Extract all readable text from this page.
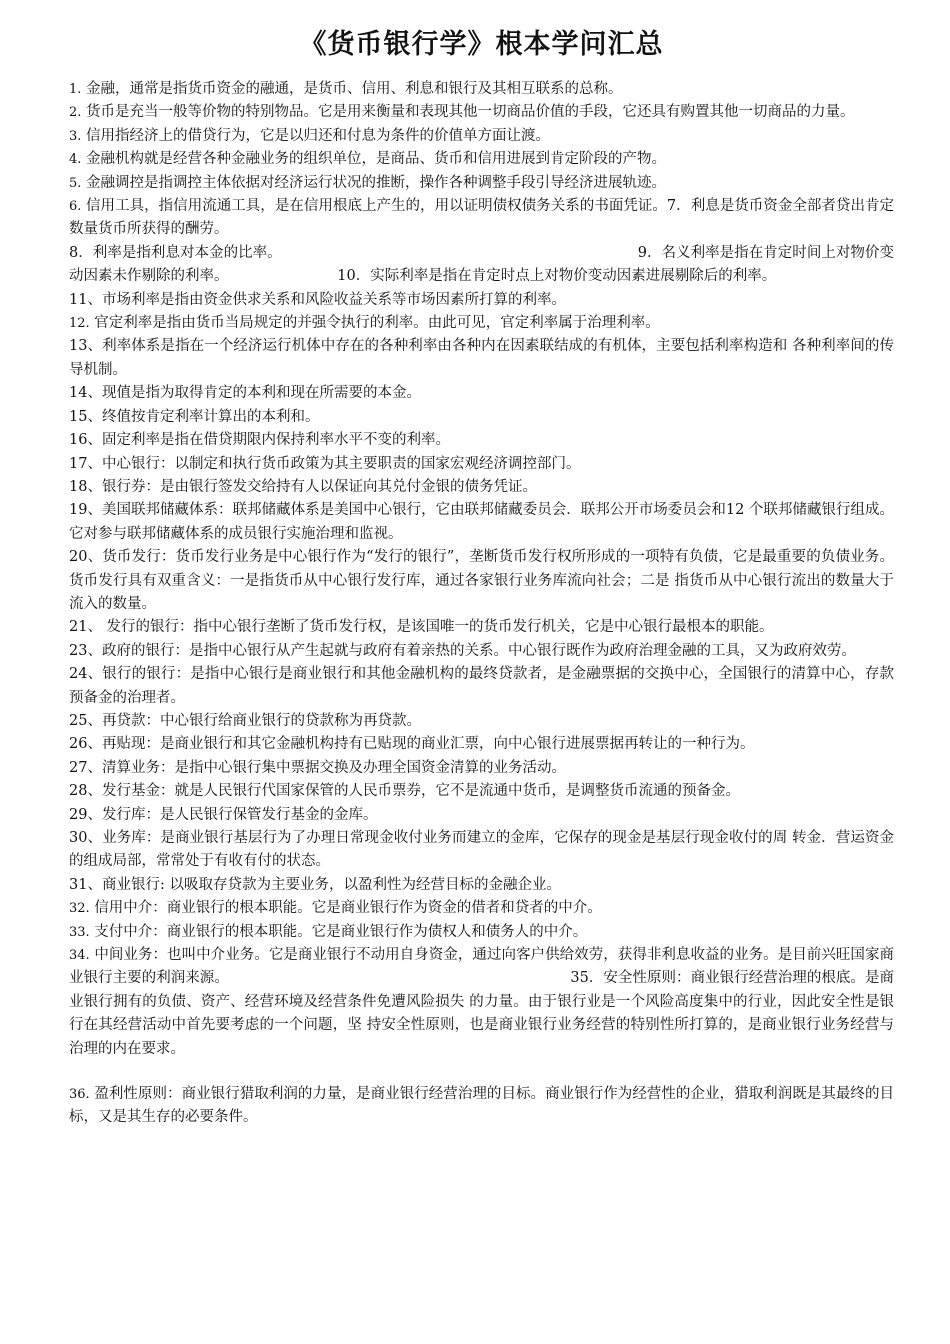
《货币银行学》根本学问汇总

1. 金融，通常是指货币资金的融通，是货币、信用、利息和银行及其相互联系的总称。

2. 货币是充当一般等价物的特别物品。它是用来衡量和表现其他一切商品价值的手段，它还具有购置其他一切商品的力量。

3. 信用指经济上的借贷行为，它是以归还和付息为条件的价值单方面让渡。

4. 金融机构就是经营各种金融业务的组织单位，是商品、货币和信用进展到肯定阶段的产物。

5. 金融调控是指调控主体依据对经济运行状况的推断，操作各种调整手段引导经济进展轨迹。

6. 信用工具，指信用流通工具，是在信用根底上产生的，用以证明债权债务关系的书面凭证。7．利息是货币资金全部者贷出肯定数量货币所获得的酬劳。

8．利率是指利息对本金的比率。　　　　　　　　　　　　　　　　　　　　　　　　　9．名义利率是指在肯定时间上对物价变动因素未作剔除的利率。　　　　　　　　10．实际利率是指在肯定时点上对物价变动因素进展剔除后的利率。

11、市场利率是指由资金供求关系和风险收益关系等市场因素所打算的利率。

12. 官定利率是指由货币当局规定的并强令执行的利率。由此可见，官定利率属于治理利率。

13、利率体系是指在一个经济运行机体中存在的各种利率由各种内在因素联结成的有机体，主要包括利率构造和 各种利率间的传导机制。

14、现值是指为取得肯定的本利和现在所需要的本金。

15、终值按肯定利率计算出的本利和。

16、固定利率是指在借贷期限内保持利率水平不变的利率。

17、中心银行：以制定和执行货币政策为其主要职责的国家宏观经济调控部门。

18、银行券：是由银行签发交给持有人以保证向其兑付金银的债务凭证。

19、美国联邦储藏体系：联邦储藏体系是美国中心银行，它由联邦储藏委员会．联邦公开市场委员会和12 个联邦储藏银行组成。它对参与联邦储藏体系的成员银行实施治理和监视。

20、货币发行：货币发行业务是中心银行作为“发行的银行”，垄断货币发行权所形成的一项特有负债，它是最重要的负债业务。货币发行具有双重含义：一是指货币从中心银行发行库，通过各家银行业务库流向社会；二是 指货币从中心银行流出的数量大于流入的数量。

21、 发行的银行：指中心银行垄断了货币发行权，是该国唯一的货币发行机关，它是中心银行最根本的职能。

23、政府的银行：是指中心银行从产生起就与政府有着亲热的关系。中心银行既作为政府治理金融的工具，又为政府效劳。

24、银行的银行：是指中心银行是商业银行和其他金融机构的最终贷款者，是金融票据的交换中心，全国银行的清算中心，存款预备金的治理者。

25、再贷款：中心银行给商业银行的贷款称为再贷款。

26、再贴现：是商业银行和其它金融机构持有已贴现的商业汇票，向中心银行进展票据再转让的一种行为。

27、清算业务：是指中心银行集中票据交换及办理全国资金清算的业务活动。

28、发行基金：就是人民银行代国家保管的人民币票券，它不是流通中货币，是调整货币流通的预备金。

29、发行库：是人民银行保管发行基金的金库。

30、业务库：是商业银行基层行为了办理日常现金收付业务而建立的金库，它保存的现金是基层行现金收付的周 转金．营运资金的组成局部，常常处于有收有付的状态。

31、商业银行: 以吸取存贷款为主要业务，以盈利性为经营目标的金融企业。

32. 信用中介：商业银行的根本职能。它是商业银行作为资金的借者和贷者的中介。

33. 支付中介：商业银行的根本职能。它是商业银行作为债权人和债务人的中介。

34. 中间业务：也叫中介业务。它是商业银行不动用自身资金，通过向客户供给效劳，获得非利息收益的业务。是目前兴旺国家商业银行主要的利润来源。　　　　　　　　　　　　　　　　　　　　　　　　35．安全性原则：商业银行经营治理的根底。是商业银行拥有的负债、资产、经营环境及经营条件免遭风险损失 的力量。由于银行业是一个风险高度集中的行业，因此安全性是银行在其经营活动中首先要考虑的一个问题，坚 持安全性原则，也是商业银行业务经营的特别性所打算的，是商业银行业务经营与治理的内在要求。

36. 盈利性原则：商业银行猎取利润的力量，是商业银行经营治理的目标。商业银行作为经营性的企业，猎取利润既是其最终的目标，又是其生存的必要条件。
